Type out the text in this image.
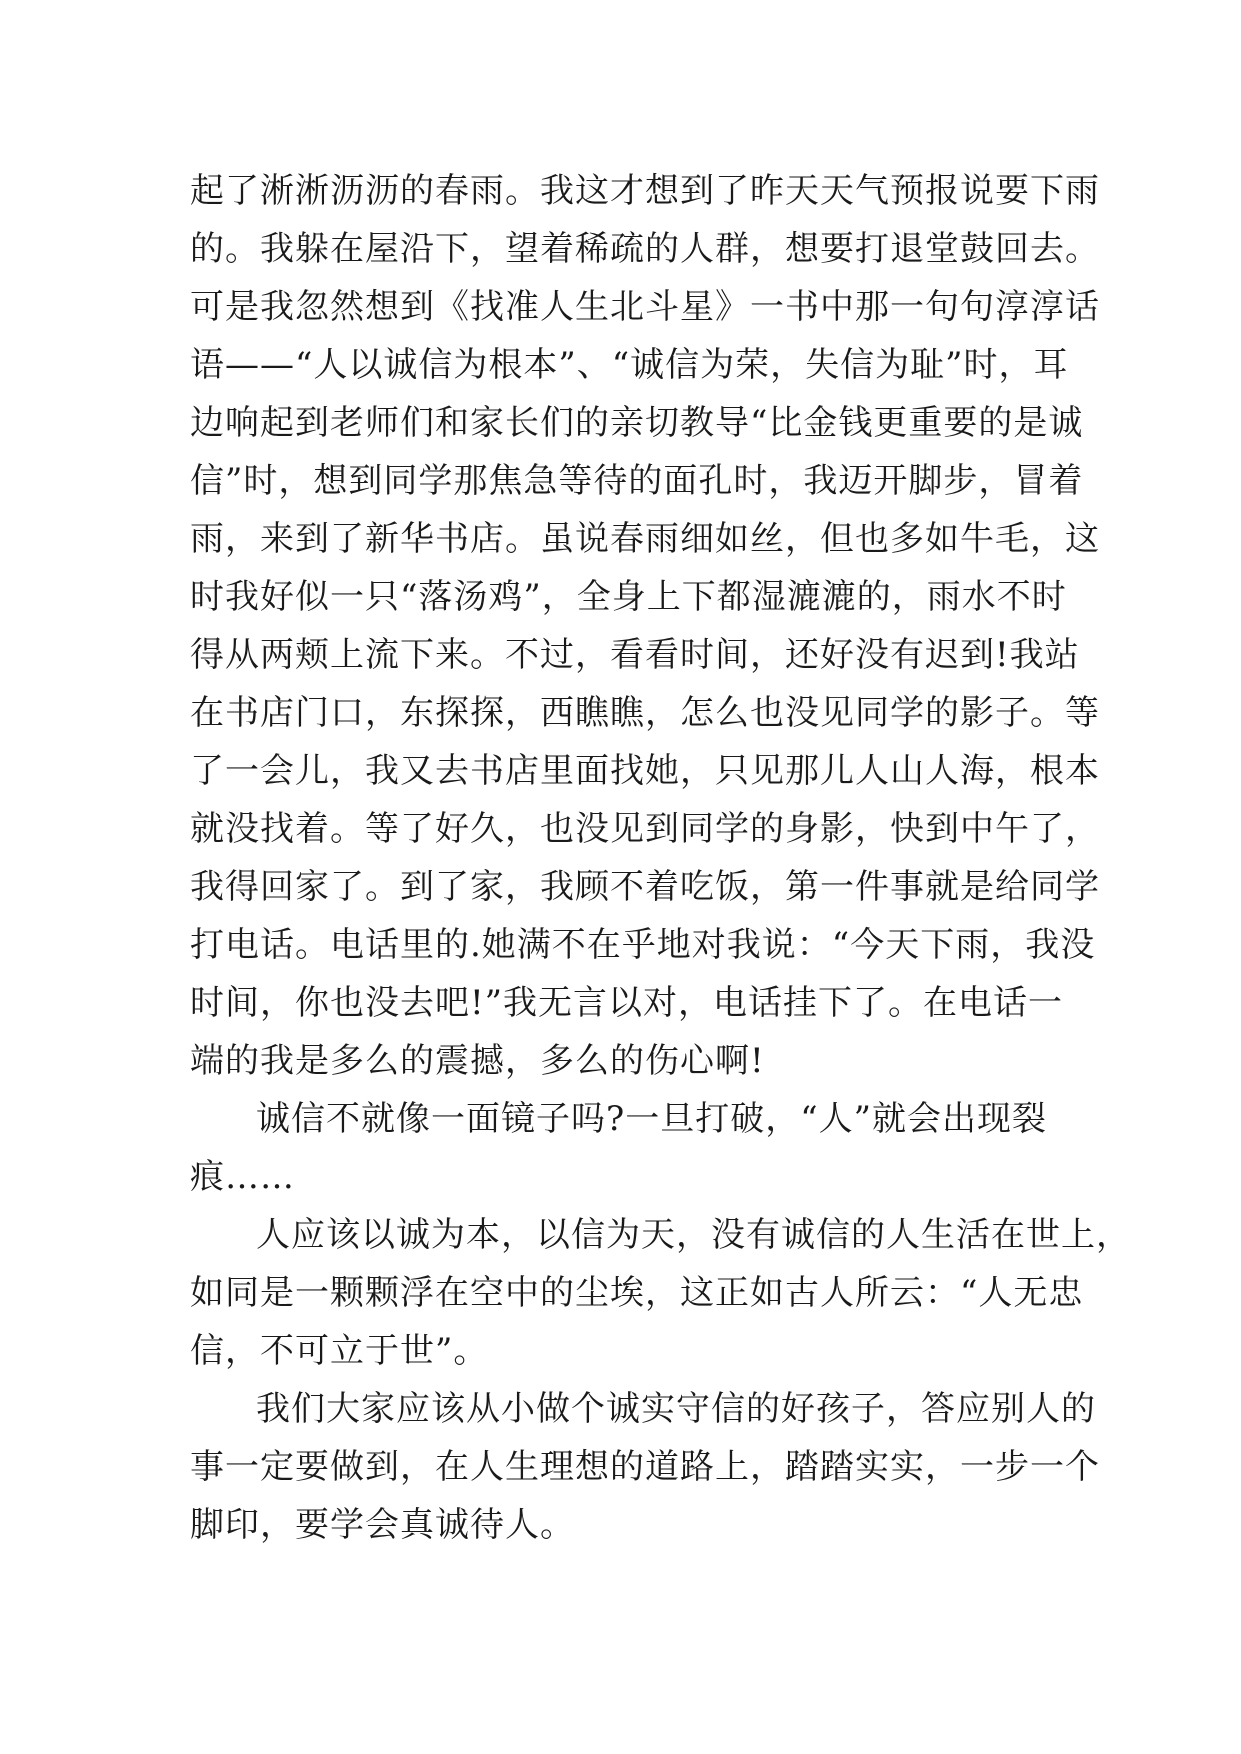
起了淅淅沥沥的春雨。我这才想到了昨天天气预报说要下雨
的。我躲在屋沿下，望着稀疏的人群，想要打退堂鼓回去。
可是我忽然想到《找准人生北斗星》一书中那一句句淳淳话
语——“人以诚信为根本”、“诚信为荣，失信为耻”时，耳
边响起到老师们和家长们的亲切教导“比金钱更重要的是诚
信”时，想到同学那焦急等待的面孔时，我迈开脚步，冒着
雨，来到了新华书店。虽说春雨细如丝，但也多如牛毛，这
时我好似一只“落汤鸡”，全身上下都湿漉漉的，雨水不时
得从两颊上流下来。不过，看看时间，还好没有迟到!我站
在书店门口，东探探，西瞧瞧，怎么也没见同学的影子。等
了一会儿，我又去书店里面找她，只见那儿人山人海，根本
就没找着。等了好久，也没见到同学的身影，快到中午了，
我得回家了。到了家，我顾不着吃饭，第一件事就是给同学
打电话。电话里的.她满不在乎地对我说：“今天下雨，我没
时间，你也没去吧!”我无言以对，电话挂下了。在电话一
端的我是多么的震撼，多么的伤心啊!
诚信不就像一面镜子吗?一旦打破，“人”就会出现裂
痕……
人应该以诚为本，以信为天，没有诚信的人生活在世上，
如同是一颗颗浮在空中的尘埃，这正如古人所云：“人无忠
信，不可立于世”。
我们大家应该从小做个诚实守信的好孩子，答应别人的
事一定要做到，在人生理想的道路上，踏踏实实，一步一个
脚印，要学会真诚待人。
